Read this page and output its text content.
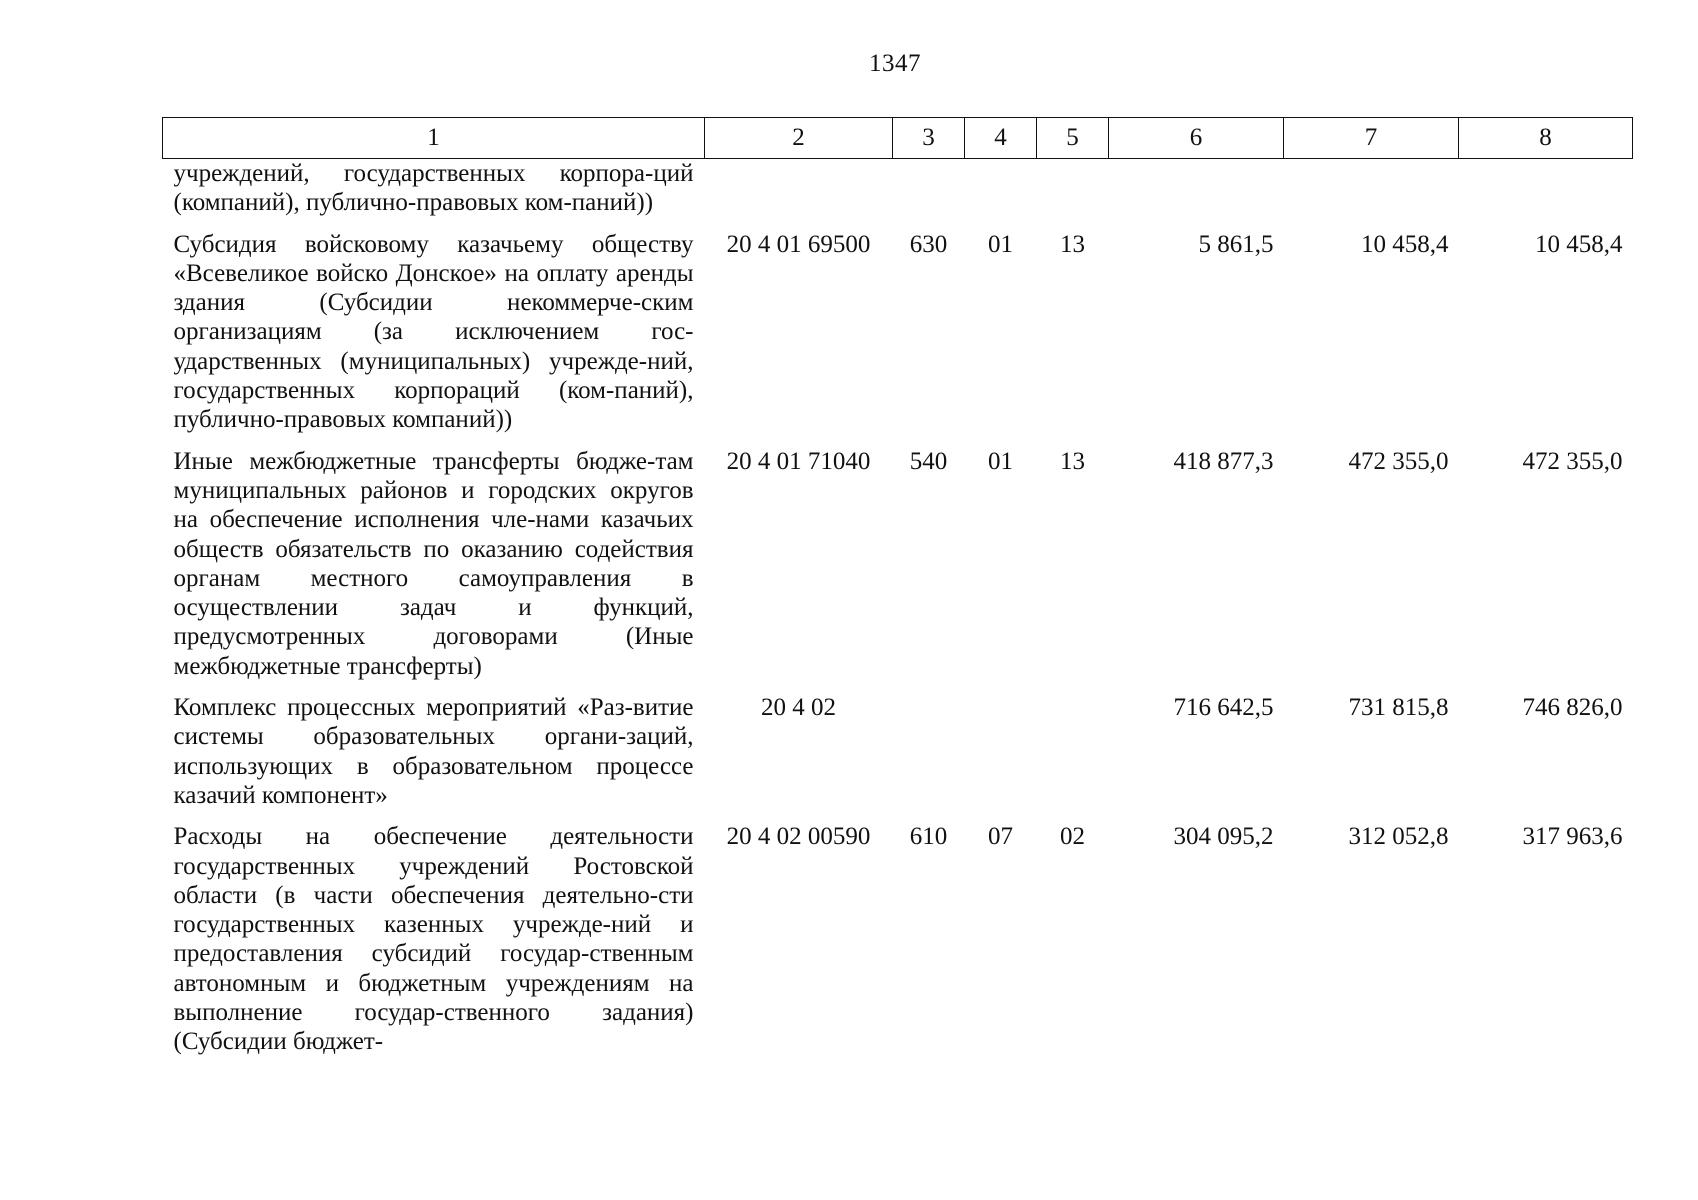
1347
1	2	3	4	5	6	7	8
учреждений, государственных корпора-ций (компаний), публично-правовых ком-паний))							
Субсидия войсковому казачьему обществу «Всевеликое войско Донское» на оплату аренды здания (Субсидии некоммерче-ским организациям (за исключением гос-ударственных (муниципальных) учрежде-ний, государственных корпораций (ком-паний), публично-правовых компаний))	20 4 01 69500	630	01	13	5 861,5	10 458,4	10 458,4
Иные межбюджетные трансферты бюдже-там муниципальных районов и городских округов на обеспечение исполнения чле-нами казачьих обществ обязательств по оказанию содействия органам местного самоуправления в осуществлении задач и функций, предусмотренных договорами (Иные межбюджетные трансферты)	20 4 01 71040	540	01	13	418 877,3	472 355,0	472 355,0
Комплекс процессных мероприятий «Раз-витие системы образовательных органи-заций, использующих в образовательном процессе казачий компонент»	20 4 02				716 642,5	731 815,8	746 826,0
Расходы на обеспечение деятельности государственных учреждений Ростовской области (в части обеспечения деятельно-сти государственных казенных учрежде-ний и предоставления субсидий государ-ственным автономным и бюджетным учреждениям на выполнение государ-ственного задания) (Субсидии бюджет-	20 4 02 00590	610	07	02	304 095,2	312 052,8	317 963,6
